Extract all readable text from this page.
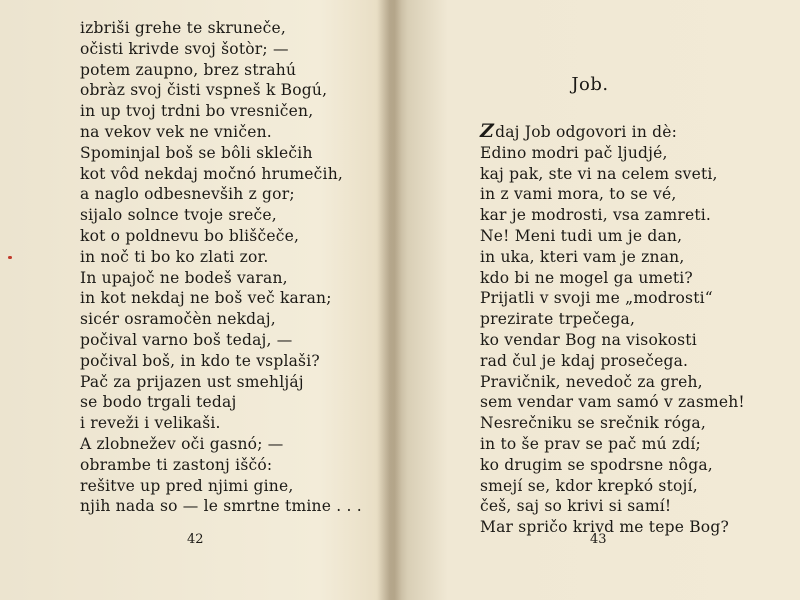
izbriši grehe te skruneče,
očisti krivde svoj šotòr; —
potem zaupno, brez strahú
obràz svoj čisti vspneš k Bogú,
in up tvoj trdni bo vresničen,
na vekov vek ne vničen.
Spominjal boš se bôli sklečih
kot vôd nekdaj močnó hrumečih,
a naglo odbesnevših z gor;
sijalo solnce tvoje sreče,
kot o poldnevu bo bliščeče,
in noč ti bo ko zlati zor.
In upajoč ne bodeš varan,
in kot nekdaj ne boš več karan;
sicér osramočèn nekdaj,
počival varno boš tedaj, —
počival boš, in kdo te vsplaši?
Pač za prijazen ust smehljáj
se bodo trgali tedaj
i reveži i velikaši.
A zlobnežev oči gasnó; —
obrambe ti zastonj iščó:
rešitve up pred njimi gine,
njih nada so — le smrtne tmine . . .
42
Job.
Zdaj Job odgovori in dè:
Edino modri pač ljudjé,
kaj pak, ste vi na celem sveti,
in z vami mora, to se vé,
kar je modrosti, vsa zamreti.
Ne! Meni tudi um je dan,
in uka, kteri vam je znan,
kdo bi ne mogel ga umeti?
Prijatli v svoji me „modrosti“
prezirate trpečega,
ko vendar Bog na visokosti
rad čul je kdaj prosečega.
Pravičnik, nevedoč za greh,
sem vendar vam samó v zasmeh!
Nesrečniku se srečnik róga,
in to še prav se pač mú zdí;
ko drugim se spodrsne nôga,
smejí se, kdor krepkó stojí,
češ, saj so krivi si samí!
Mar spričo krivd me tepe Bog?
43
